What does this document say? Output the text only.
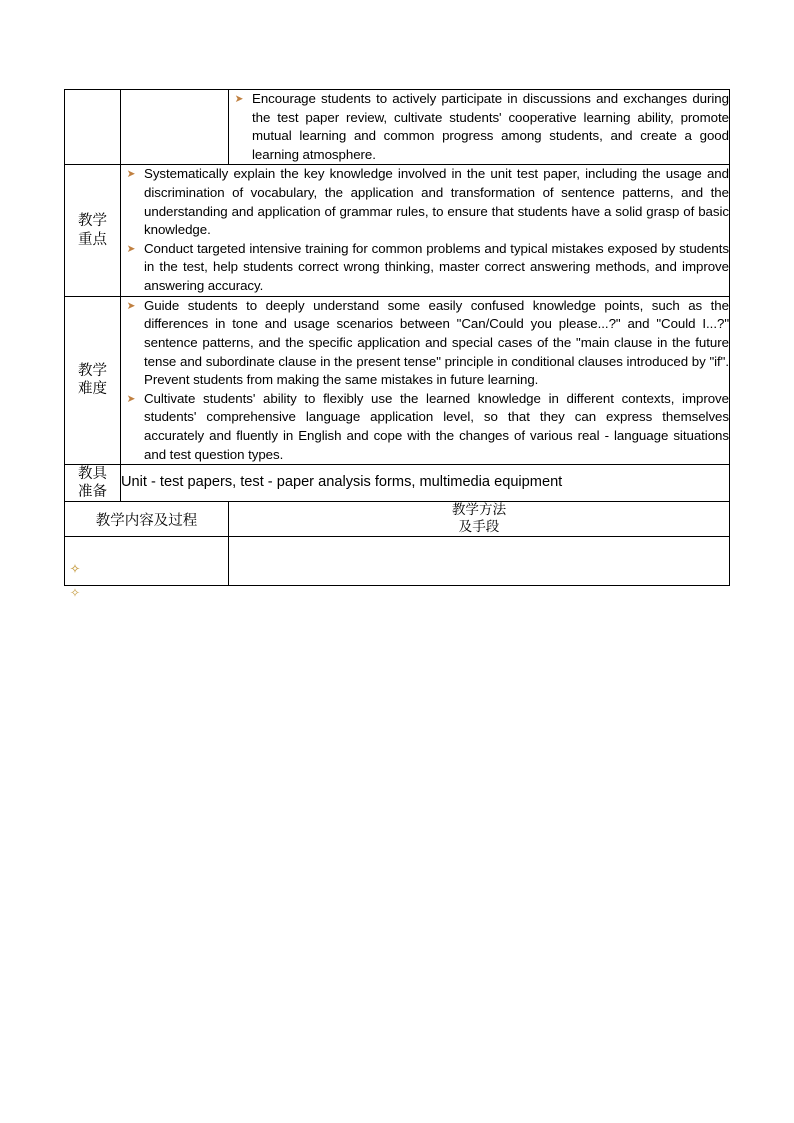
➤
Encourage students to actively participate in discussions and exchanges during the test paper review, cultivate students' cooperative learning ability, promote mutual learning and common progress among students, and create a good learning atmosphere.

教学
重点

➤
Systematically explain the key knowledge involved in the unit test paper, including the usage and discrimination of vocabulary, the application and transformation of sentence patterns, and the understanding and application of grammar rules, to ensure that students have a solid grasp of basic knowledge.
➤
Conduct targeted intensive training for common problems and typical mistakes exposed by students in the test, help students correct wrong thinking, master correct answering methods, and improve answering accuracy.

教学
难度

➤
Guide students to deeply understand some easily confused knowledge points, such as the differences in tone and usage scenarios between "Can/Could you please...?" and "Could I...?" sentence patterns, and the specific application and special cases of the "main clause in the future tense and subordinate clause in the present tense" principle in conditional clauses introduced by "if". Prevent students from making the same mistakes in future learning.
➤
Cultivate students' ability to flexibly use the learned knowledge in different contexts, improve students' comprehensive language application level, so that they can express themselves accurately and fluently in English and cope with the changes of various real - language situations and test question types.

教具
准备	Unit - test papers, test - paper analysis forms, multimedia equipment	
教学内容及过程		教学方法
及手段

✧
✧
✧
